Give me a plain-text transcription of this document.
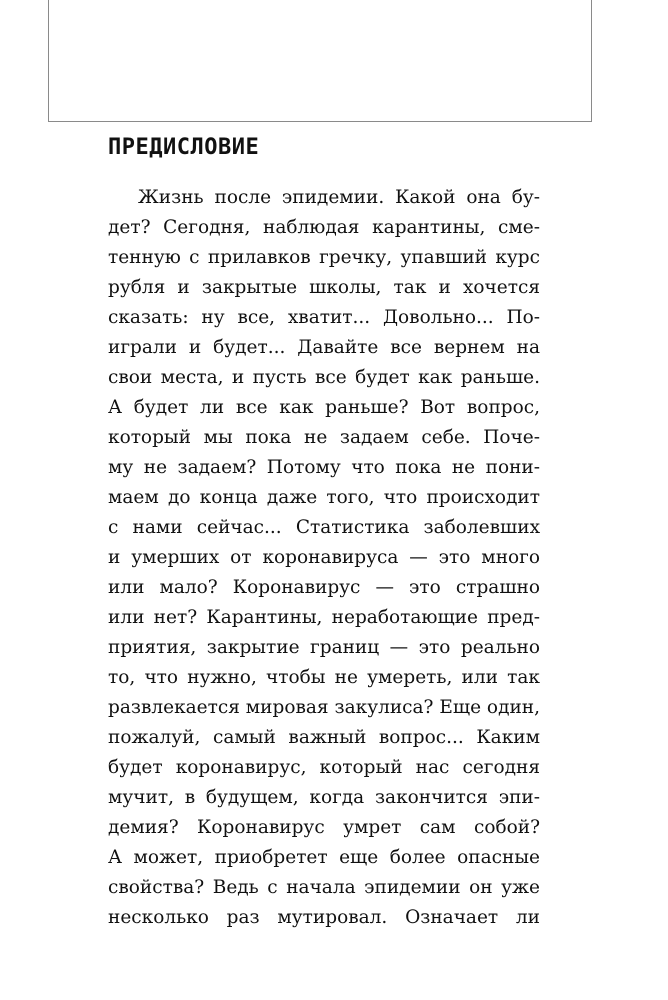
ПРЕДИСЛОВИЕ
Жизнь после эпидемии. Какой она бу-
дет? Сегодня, наблюдая карантины, сме-
тенную с прилавков гречку, упавший курс
рубля и закрытые школы, так и хочется
сказать: ну все, хватит... Довольно... По-
играли и будет... Давайте все вернем на
свои места, и пусть все будет как раньше.
А будет ли все как раньше? Вот вопрос,
который мы пока не задаем себе. Поче-
му не задаем? Потому что пока не пони-
маем до конца даже того, что происходит
с нами сейчас... Статистика заболевших
и умерших от коронавируса — это много
или мало? Коронавирус — это страшно
или нет? Карантины, неработающие пред-
приятия, закрытие границ — это реально
то, что нужно, чтобы не умереть, или так
развлекается мировая закулиса? Еще один,
пожалуй, самый важный вопрос... Каким
будет коронавирус, который нас сегодня
мучит, в будущем, когда закончится эпи-
демия? Коронавирус умрет сам собой?
А может, приобретет еще более опасные
свойства? Ведь с начала эпидемии он уже
несколько раз мутировал. Означает ли
